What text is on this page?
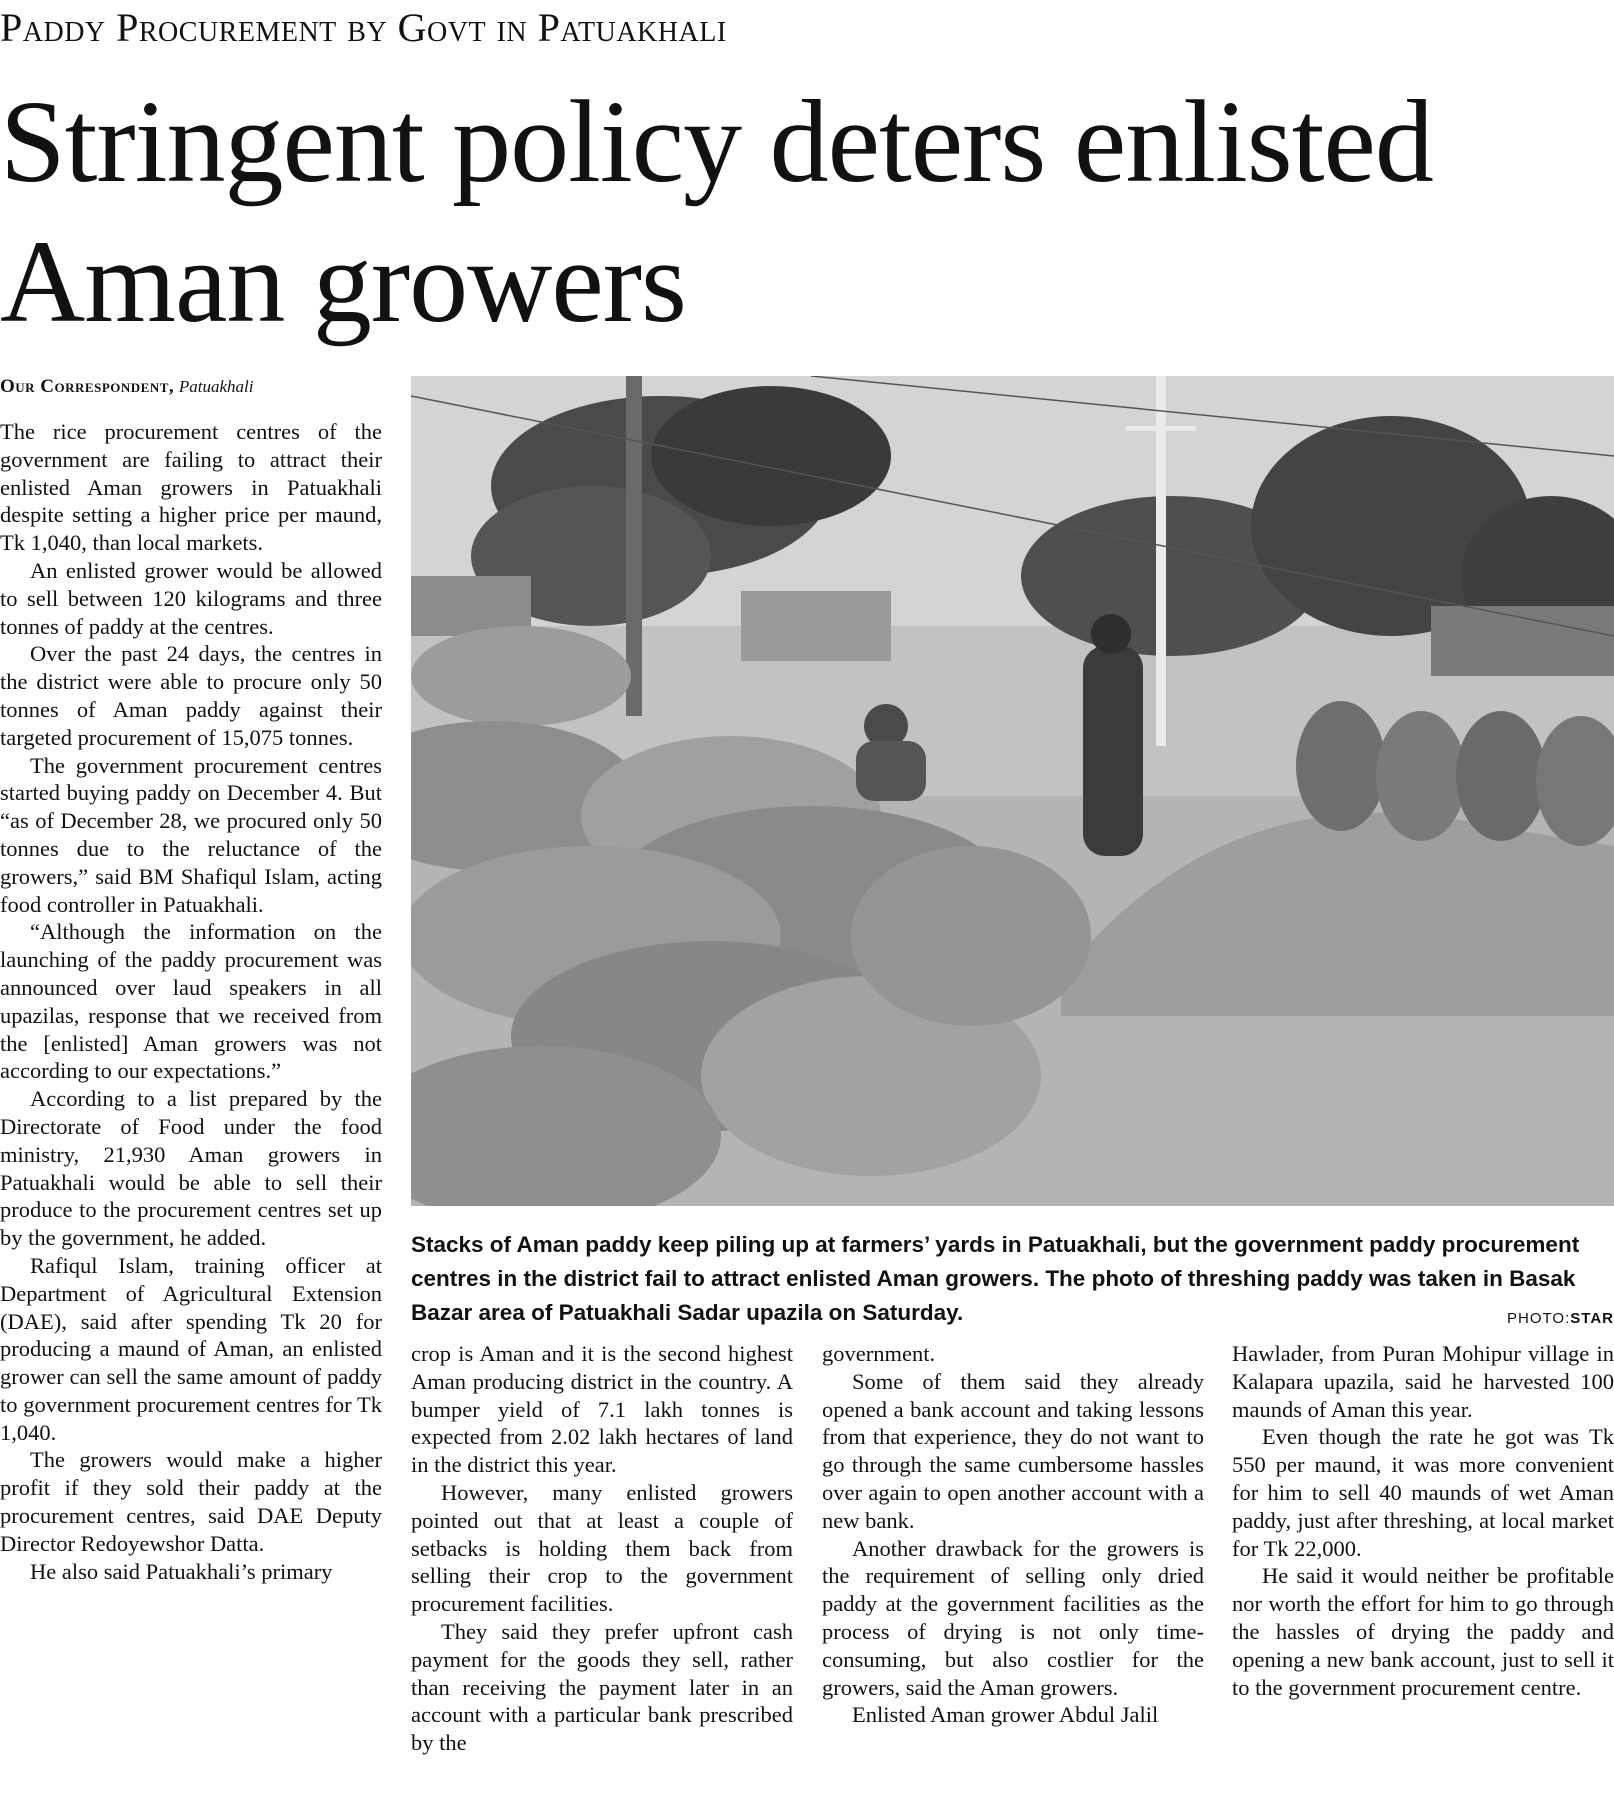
Paddy Procurement by Govt in Patuakhali
Stringent policy deters enlisted Aman growers
Our Correspondent, Patuakhali

The rice procurement centres of the government are failing to attract their enlisted Aman growers in Patuakhali despite setting a higher price per maund, Tk 1,040, than local markets.

An enlisted grower would be allowed to sell between 120 kilograms and three tonnes of paddy at the centres.

Over the past 24 days, the centres in the district were able to procure only 50 tonnes of Aman paddy against their targeted procurement of 15,075 tonnes.

The government procurement centres started buying paddy on December 4. But “as of December 28, we procured only 50 tonnes due to the reluctance of the growers,” said BM Shafiqul Islam, acting food controller in Patuakhali.

“Although the information on the launching of the paddy procurement was announced over laud speakers in all upazilas, response that we received from the [enlisted] Aman growers was not according to our expectations.”

According to a list prepared by the Directorate of Food under the food ministry, 21,930 Aman growers in Patuakhali would be able to sell their produce to the procurement centres set up by the government, he added.

Rafiqul Islam, training officer at Department of Agricultural Extension (DAE), said after spending Tk 20 for producing a maund of Aman, an enlisted grower can sell the same amount of paddy to government procurement centres for Tk 1,040.

The growers would make a higher profit if they sold their paddy at the procurement centres, said DAE Deputy Director Redoyewshor Datta.

He also said Patuakhali’s primary

Stacks of Aman paddy keep piling up at farmers’ yards in Patuakhali, but the government paddy procurement centres in the district fail to attract enlisted Aman growers. The photo of threshing paddy was taken in Basak Bazar area of Patuakhali Sadar upazila on Saturday.	PHOTO:STAR

crop is Aman and it is the second highest Aman producing district in the country. A bumper yield of 7.1 lakh tonnes is expected from 2.02 lakh hectares of land in the district this year.

However, many enlisted growers pointed out that at least a couple of setbacks is holding them back from selling their crop to the government procurement facilities.

They said they prefer upfront cash payment for the goods they sell, rather than receiving the payment later in an account with a particular bank prescribed by the

government.

Some of them said they already opened a bank account and taking lessons from that experience, they do not want to go through the same cumbersome hassles over again to open another account with a new bank.

Another drawback for the growers is the requirement of selling only dried paddy at the government facilities as the process of drying is not only time-consuming, but also costlier for the growers, said the Aman growers.

Enlisted Aman grower Abdul Jalil

Hawlader, from Puran Mohipur village in Kalapara upazila, said he harvested 100 maunds of Aman this year.

Even though the rate he got was Tk 550 per maund, it was more convenient for him to sell 40 maunds of wet Aman paddy, just after threshing, at local market for Tk 22,000.

He said it would neither be profitable nor worth the effort for him to go through the hassles of drying the paddy and opening a new bank account, just to sell it to the government procurement centre.
